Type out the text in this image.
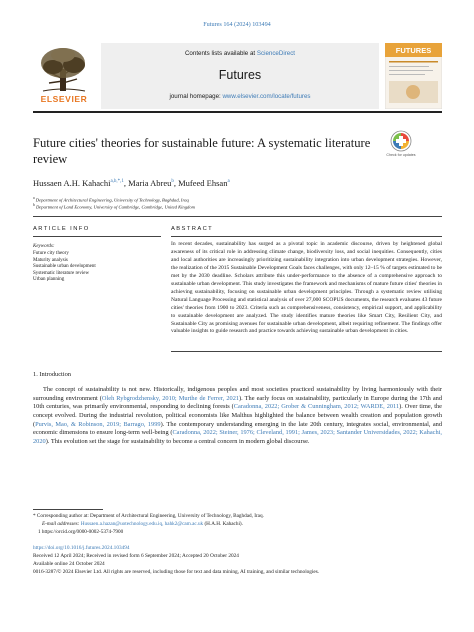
Futures 164 (2024) 103494
ELSEVIER
Contents lists available at ScienceDirect
Futures
journal homepage: www.elsevier.com/locate/futures
FUTURES
Future cities' theories for sustainable future: A systematic literature review	Check for updates
Hussaen A.H. Kahachi$^{a,b,*,1}$, Maria Abreu$^b$, Mufeed Ehsan$^a$
$^a$ Department of Architectural Engineering, University of Technology, Baghdad, Iraq
$^b$ Department of Land Economy, University of Cambridge, Cambridge, United Kingdom
ARTICLE INFO	ABSTRACT
Keywords:
Future city theory
Maturity analysis
Sustainable urban development
Systematic literature review
Urban planning
In recent decades, sustainability has surged as a pivotal topic in academic discourse, driven by heightened global awareness of its critical role in addressing climate change, biodiversity loss, and social inequities. Consequently, cities and local authorities are increasingly prioritizing sustainability integration into urban development strategies. However, the realization of the 2015 Sustainable Development Goals faces challenges, with only 12–15 % of targets estimated to be met by the 2030 deadline. Scholars attribute this under-performance to the absence of a comprehensive approach to sustainable urban development. This study investigates the framework and mechanisms of mature future cities' theories in achieving sustainability, focusing on sustainable urban development principles. Through a systematic review utilising Natural Language Processing and statistical analysis of over 27,000 SCOPUS documents, the research evaluates 43 future cities' theories from 1900 to 2023. Criteria such as comprehensiveness, consistency, empirical support, and applicability to sustainable development are analyzed. The study identifies mature theories like Smart City, Resilient City, and Sustainable City as promising avenues for sustainable urban development, albeit requiring refinement. The findings offer valuable insights to guide research and practice towards achieving sustainable urban development in cities.
1. Introduction
The concept of sustainability is not new. Historically, indigenous peoples and most societies practiced sustainability by living harmoniously with their surrounding environment (Oleh Rybgrodzhensky, 2010; Murthe de Ferrer, 2021). The early focus on sustainability, particularly in Europe during the 17th and 10th centuries, was primarily environmental, responding to declining forests (Caradonna, 2022; Grober & Cunningham, 2012; WARDE, 2011). Over time, the concept evolved. During the industrial revolution, political economists like Malthus highlighted the balance between wealth creation and population growth (Purvis, Mao, & Robinson, 2019; Barrago, 1999). The contemporary understanding emerging in the late 20th century, integrates social, environmental, and economic dimensions to ensure long-term well-being (Caradonna, 2022; Steiner, 1976; Cleveland, 1991; James, 2023; Santander Universidades, 2022; Kahachi, 2020). This evolution set the stage for sustainability to become a central concern in modern global discourse.
* Corresponding author at: Department of Architectural Engineering, University of Technology, Baghdad, Iraq.
E-mail addresses: Hussaen.a.hazan@uotechnology.edu.iq, hahk2@cam.ac.uk (H.A.H. Kahachi).
1 https://orcid.org/0000-0002-5374-7900
https://doi.org/10.1016/j.futures.2024.103494
Received 12 April 2024; Received in revised form 6 September 2024; Accepted 20 October 2024
Available online 24 October 2024
0016-3287/© 2024 Elsevier Ltd. All rights are reserved, including those for text and data mining, AI training, and similar technologies.
